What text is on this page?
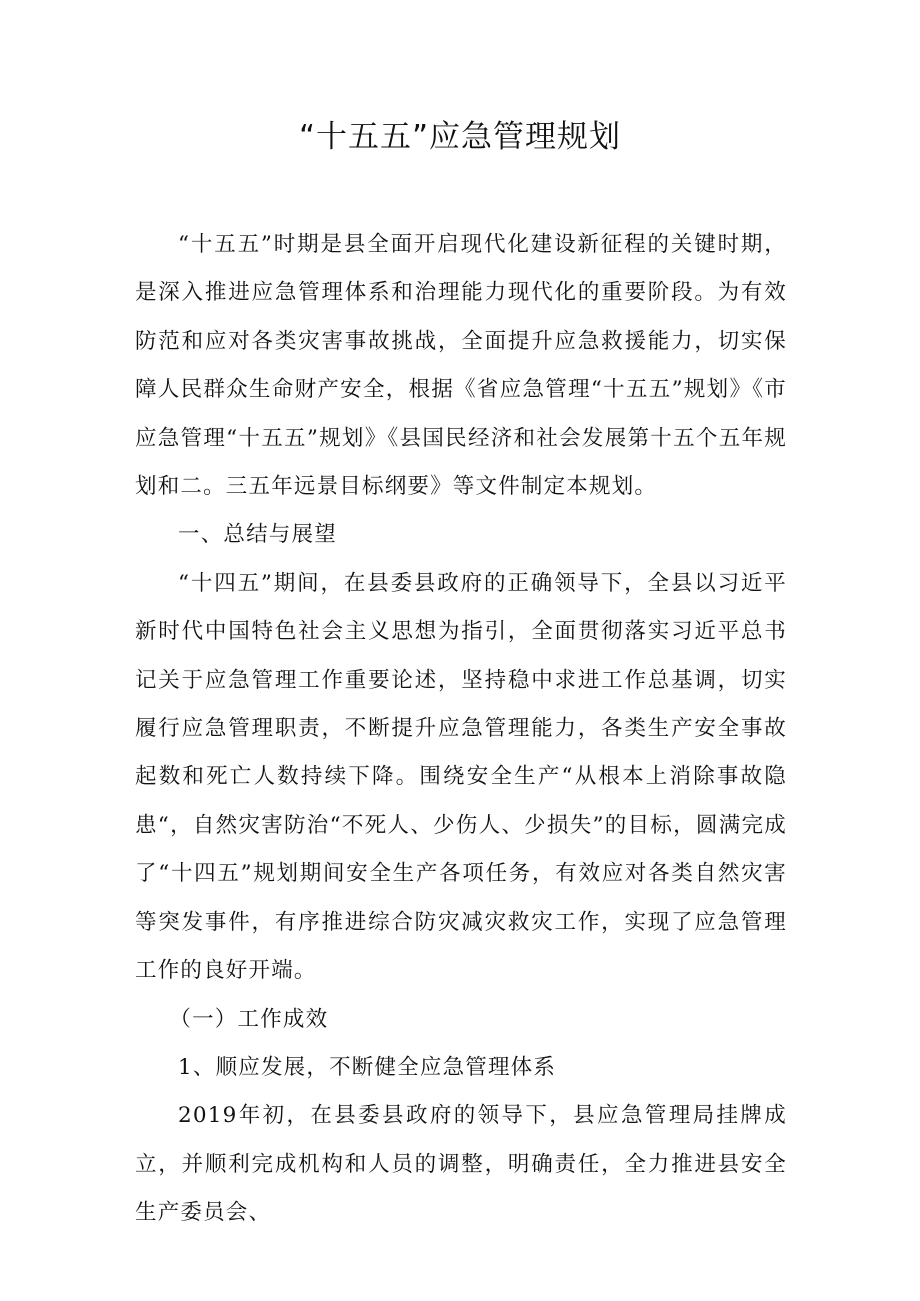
“十五五”应急管理规划

“十五五”时期是县全面开启现代化建设新征程的关键时期，是深入推进应急管理体系和治理能力现代化的重要阶段。为有效防范和应对各类灾害事故挑战，全面提升应急救援能力，切实保障人民群众生命财产安全，根据《省应急管理“十五五”规划》《市应急管理“十五五”规划》《县国民经济和社会发展第十五个五年规划和二。三五年远景目标纲要》等文件制定本规划。

一、总结与展望

“十四五”期间，在县委县政府的正确领导下，全县以习近平新时代中国特色社会主义思想为指引，全面贯彻落实习近平总书记关于应急管理工作重要论述，坚持稳中求进工作总基调，切实履行应急管理职责，不断提升应急管理能力，各类生产安全事故起数和死亡人数持续下降。围绕安全生产“从根本上消除事故隐患“，自然灾害防治“不死人、少伤人、少损失”的目标，圆满完成了“十四五”规划期间安全生产各项任务，有效应对各类自然灾害等突发事件，有序推进综合防灾减灾救灾工作，实现了应急管理工作的良好开端。

（一）工作成效

1、顺应发展，不断健全应急管理体系

2019年初，在县委县政府的领导下，县应急管理局挂牌成立，并顺利完成机构和人员的调整，明确责任，全力推进县安全生产委员会、
